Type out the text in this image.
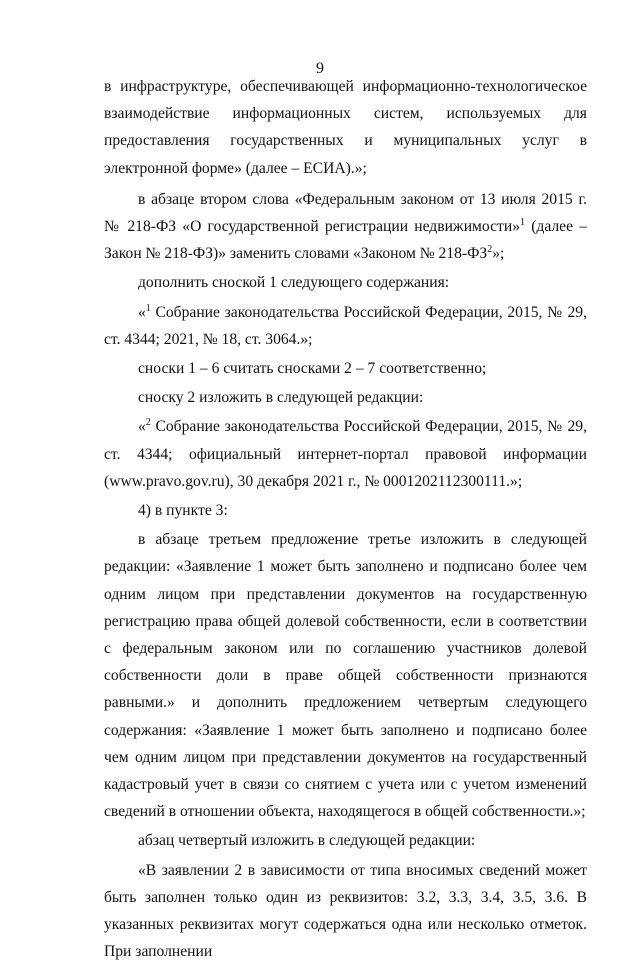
9

в инфраструктуре, обеспечивающей информационно-технологическое взаимодействие информационных систем, используемых для предоставления государственных и муниципальных услуг в электронной форме» (далее – ЕСИА).»;

в абзаце втором слова «Федеральным законом от 13 июля 2015 г. № 218-ФЗ «О государственной регистрации недвижимости»$^1$ (далее – Закон № 218-ФЗ)» заменить словами «Законом № $218-ФЗ^2$»;

дополнить сноской 1 следующего содержания:

«$^1$ Собрание законодательства Российской Федерации, 2015, № 29, ст. 4344; 2021, № 18, ст. 3064.»;

сноски 1 – 6 считать сносками 2 – 7 соответственно;

сноску 2 изложить в следующей редакции:

«$^2$ Собрание законодательства Российской Федерации, 2015, № 29, ст. 4344; официальный интернет-портал правовой информации (www.pravo.gov.ru), 30 декабря 2021 г., № 0001202112300111.»;

4) в пункте 3:

в абзаце третьем предложение третье изложить в следующей редакции: «Заявление 1 может быть заполнено и подписано более чем одним лицом при представлении документов на государственную регистрацию права общей долевой собственности, если в соответствии с федеральным законом или по соглашению участников долевой собственности доли в праве общей собственности признаются равными.» и дополнить предложением четвертым следующего содержания: «Заявление 1 может быть заполнено и подписано более чем одним лицом при представлении документов на государственный кадастровый учет в связи со снятием с учета или с учетом изменений сведений в отношении объекта, находящегося в общей собственности.»;

абзац четвертый изложить в следующей редакции:

«В заявлении 2 в зависимости от типа вносимых сведений может быть заполнен только один из реквизитов: 3.2, 3.3, 3.4, 3.5, 3.6. В указанных реквизитах могут содержаться одна или несколько отметок. При заполнении
